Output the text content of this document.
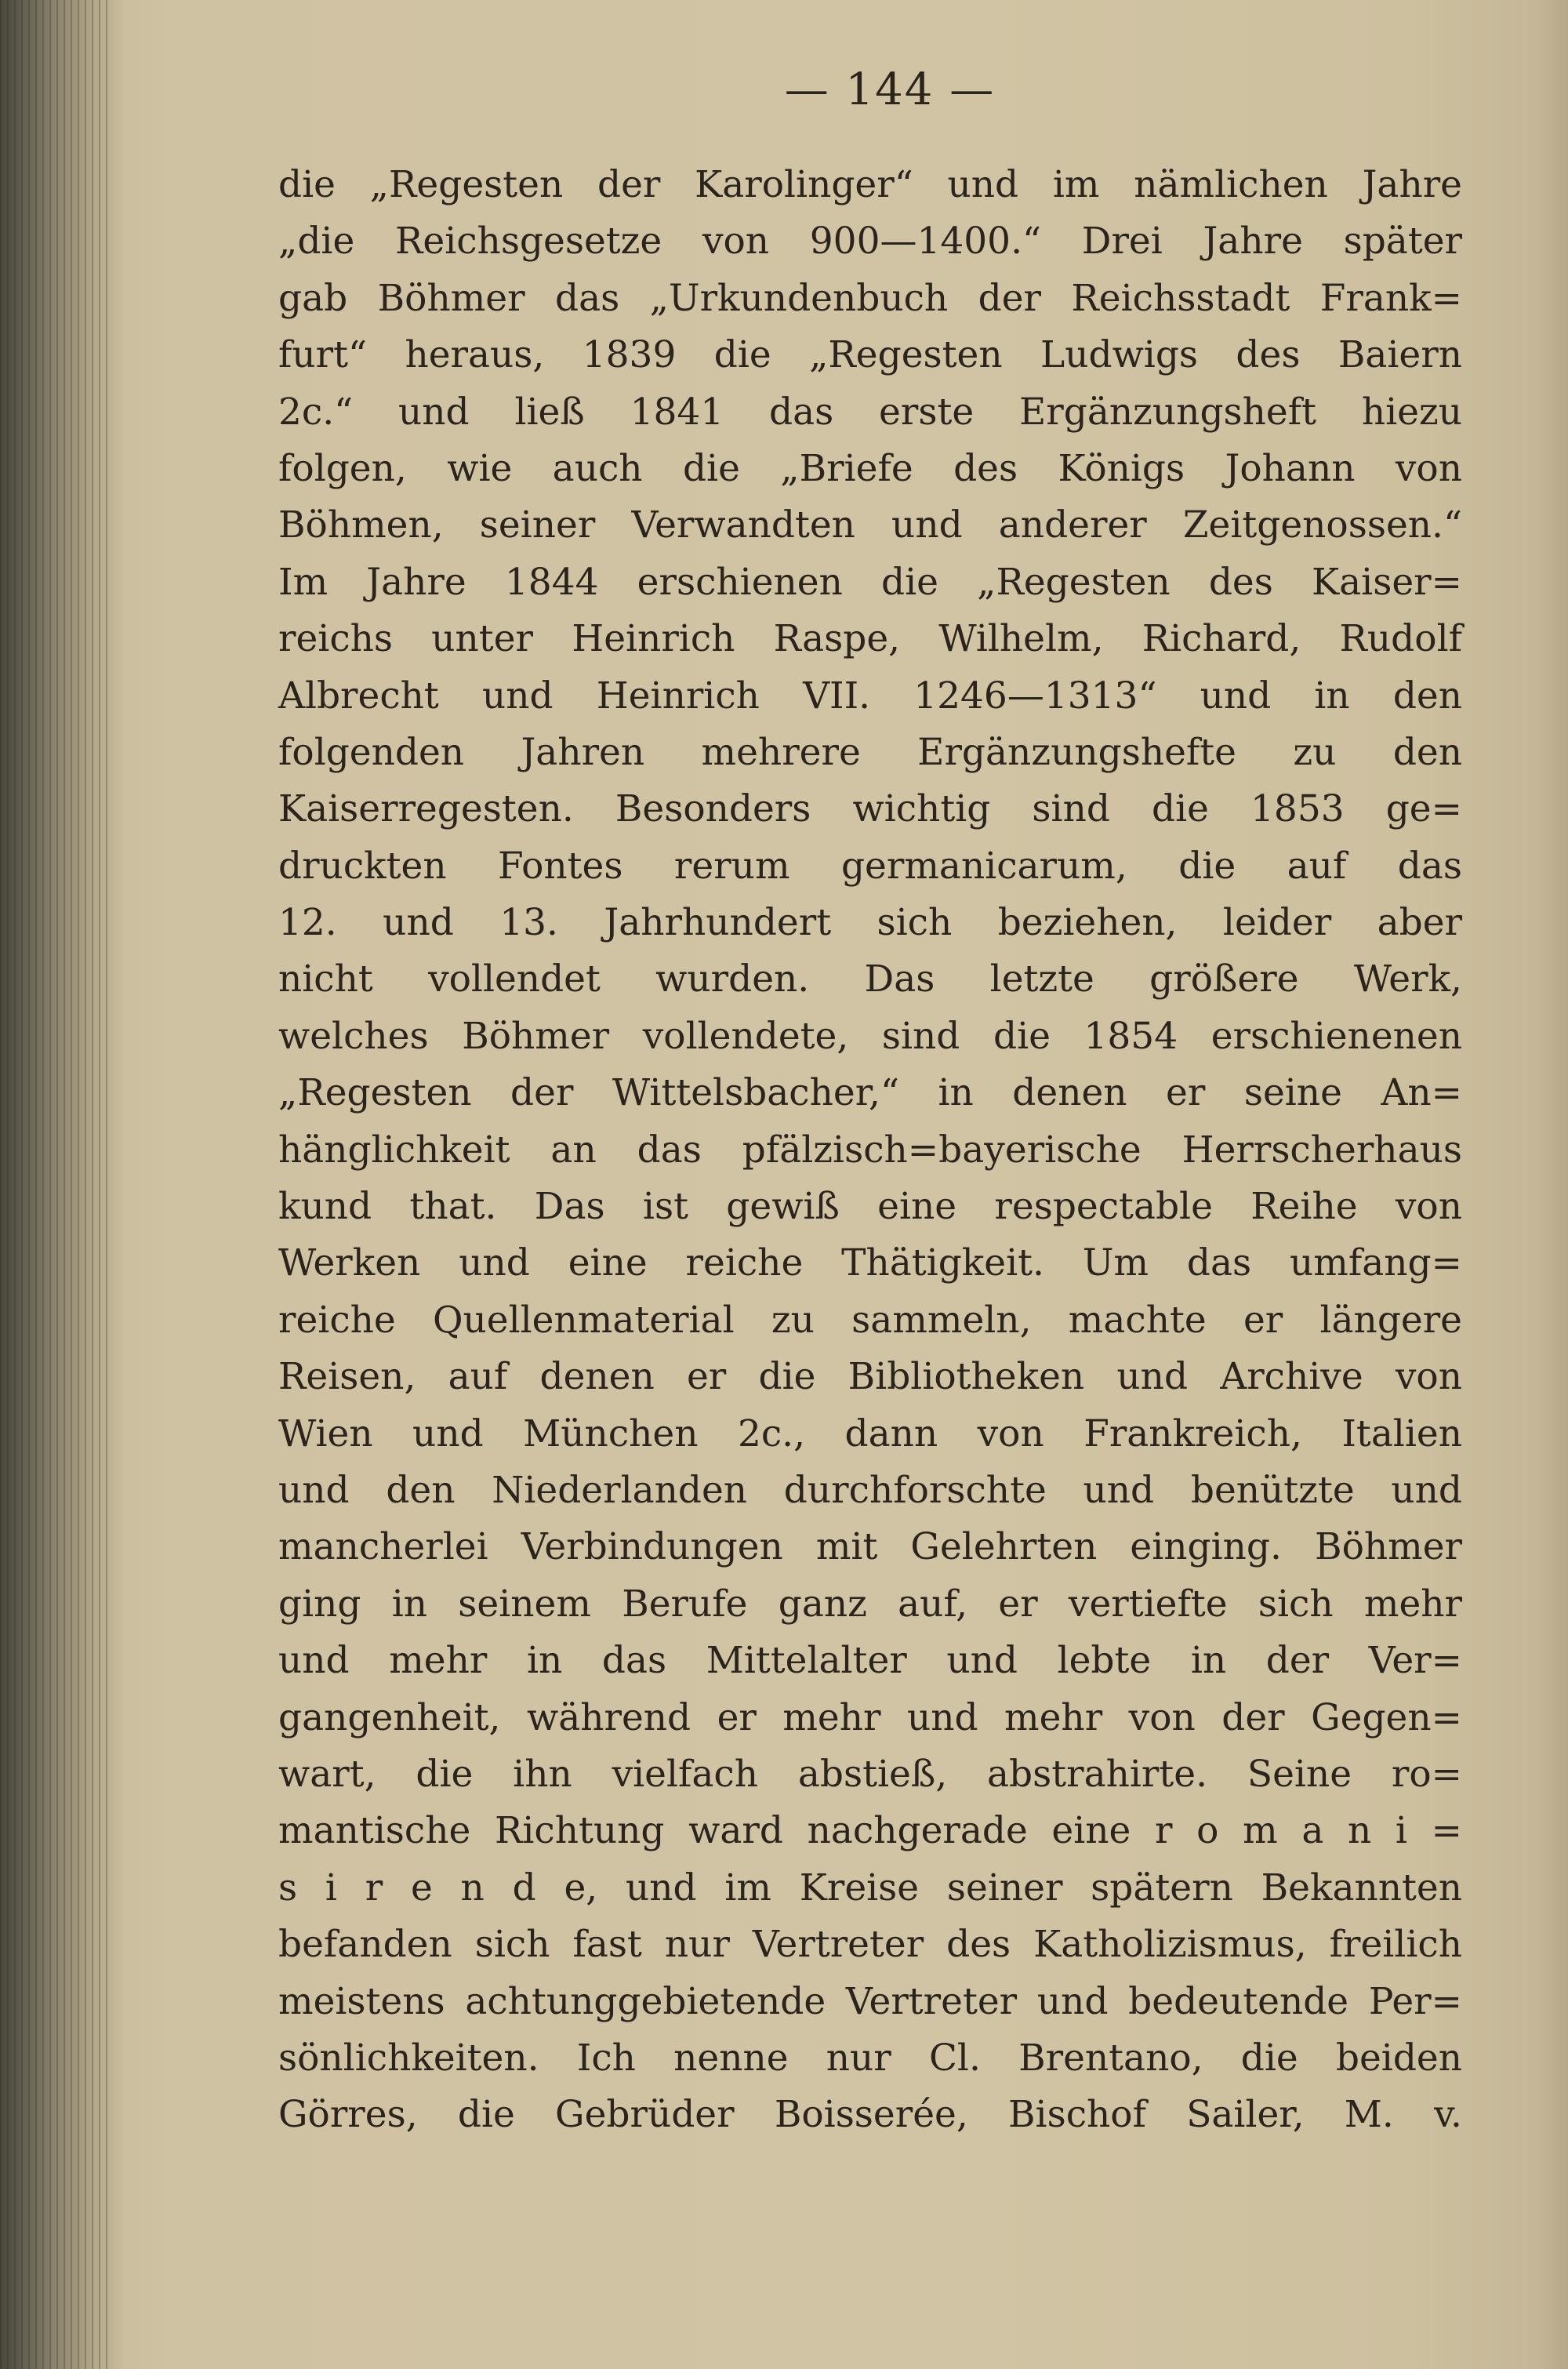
— 144 —
die „Regesten der Karolinger“ und im nämlichen Jahre
„die Reichsgesetze von 900—1400.“ Drei Jahre später
gab Böhmer das „Urkundenbuch der Reichsstadt Frank=
furt“ heraus, 1839 die „Regesten Ludwigs des Baiern
2c.“ und ließ 1841 das erste Ergänzungsheft hiezu
folgen, wie auch die „Briefe des Königs Johann von
Böhmen, seiner Verwandten und anderer Zeitgenossen.“
Im Jahre 1844 erschienen die „Regesten des Kaiser=
reichs unter Heinrich Raspe, Wilhelm, Richard, Rudolf
Albrecht und Heinrich VII. 1246—1313“ und in den
folgenden Jahren mehrere Ergänzungshefte zu den
Kaiserregesten. Besonders wichtig sind die 1853 ge=
druckten Fontes rerum germanicarum, die auf das
12. und 13. Jahrhundert sich beziehen, leider aber
nicht vollendet wurden. Das letzte größere Werk,
welches Böhmer vollendete, sind die 1854 erschienenen
„Regesten der Wittelsbacher,“ in denen er seine An=
hänglichkeit an das pfälzisch=bayerische Herrscherhaus
kund that. Das ist gewiß eine respectable Reihe von
Werken und eine reiche Thätigkeit. Um das umfang=
reiche Quellenmaterial zu sammeln, machte er längere
Reisen, auf denen er die Bibliotheken und Archive von
Wien und München 2c., dann von Frankreich, Italien
und den Niederlanden durchforschte und benützte und
mancherlei Verbindungen mit Gelehrten einging. Böhmer
ging in seinem Berufe ganz auf, er vertiefte sich mehr
und mehr in das Mittelalter und lebte in der Ver=
gangenheit, während er mehr und mehr von der Gegen=
wart, die ihn vielfach abstieß, abstrahirte. Seine ro=
mantische Richtung ward nachgerade eine r o m a n i =
s i r e n d e, und im Kreise seiner spätern Bekannten
befanden sich fast nur Vertreter des Katholizismus, freilich
meistens achtunggebietende Vertreter und bedeutende Per=
sönlichkeiten. Ich nenne nur Cl. Brentano, die beiden
Görres, die Gebrüder Boisserée, Bischof Sailer, M. v.
